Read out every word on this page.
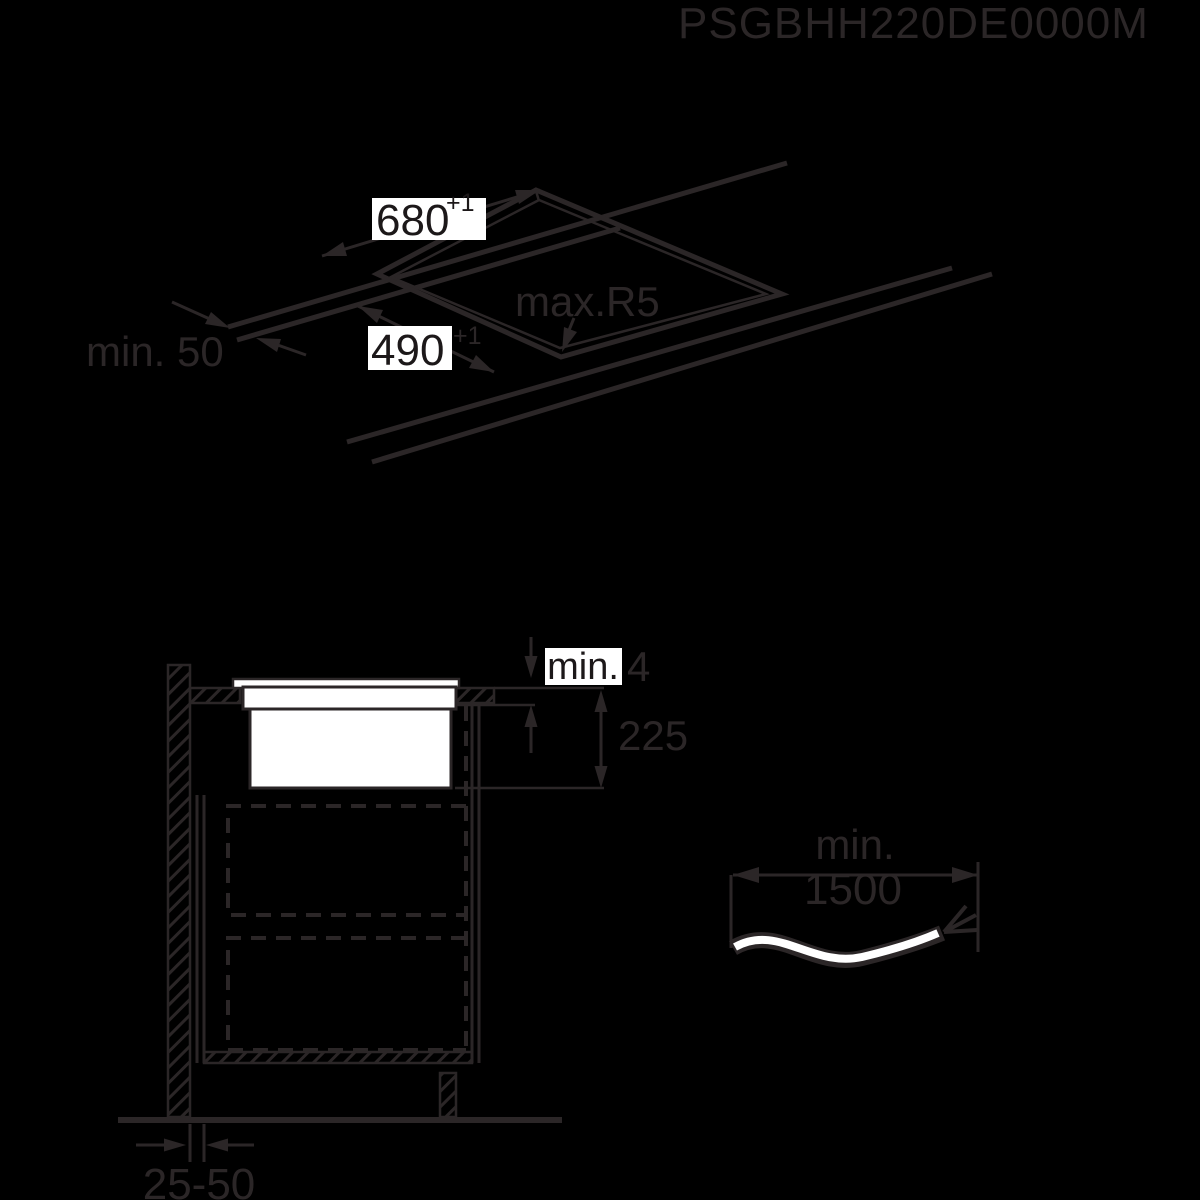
PSGBHH220DE0000M
680
+1
490 +1
min. 50
max.R5
min. 4
225
25-50
min.
1500
